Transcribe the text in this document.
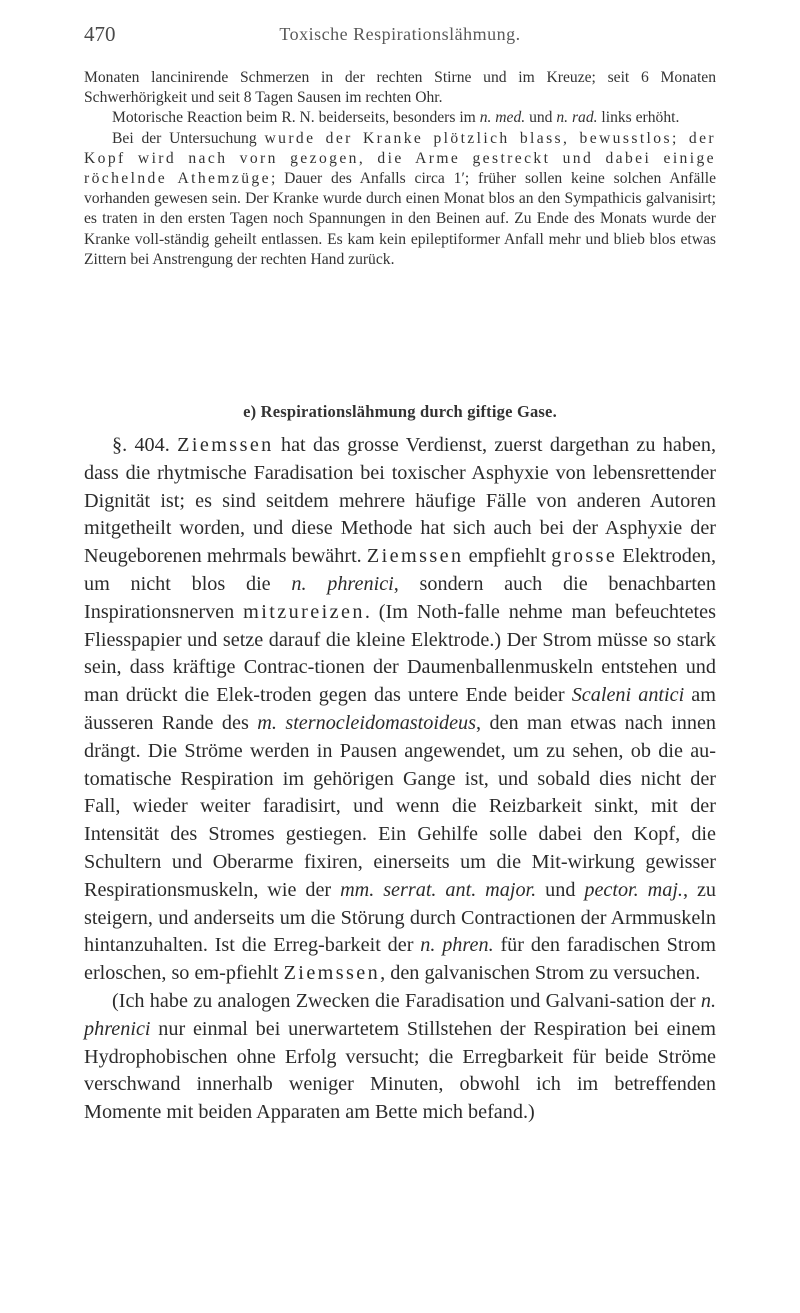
470	Toxische Respirationslähmung.
Monaten lancinirende Schmerzen in der rechten Stirne und im Kreuze; seit 6 Monaten Schwerhörigkeit und seit 8 Tagen Sausen im rechten Ohr.
Motorische Reaction beim R. N. beiderseits, besonders im n. med. und n. rad. links erhöht.
Bei der Untersuchung wurde der Kranke plötzlich blass, bewusstlos; der Kopf wird nach vorn gezogen, die Arme gestreckt und dabei einige röchelnde Athemzüge; Dauer des Anfalls circa 1′; früher sollen keine solchen Anfälle vorhanden gewesen sein. Der Kranke wurde durch einen Monat blos an den Sympathicis galvanisirt; es traten in den ersten Tagen noch Spannungen in den Beinen auf. Zu Ende des Monats wurde der Kranke voll-ständig geheilt entlassen. Es kam kein epileptiformer Anfall mehr und blieb blos etwas Zittern bei Anstrengung der rechten Hand zurück.
e) Respirationslähmung durch giftige Gase.
§. 404. Ziemssen hat das grosse Verdienst, zuerst dargethan zu haben, dass die rhytmische Faradisation bei toxischer Asphyxie von lebensrettender Dignität ist; es sind seitdem mehrere häufige Fälle von anderen Autoren mitgetheilt worden, und diese Methode hat sich auch bei der Asphyxie der Neugeborenen mehrmals bewährt. Ziemssen empfiehlt grosse Elektroden, um nicht blos die n. phrenici, sondern auch die benachbarten Inspirationsnerven mitzureizen. (Im Noth-falle nehme man befeuchtetes Fliesspapier und setze darauf die kleine Elektrode.) Der Strom müsse so stark sein, dass kräftige Contrac-tionen der Daumenballenmuskeln entstehen und man drückt die Elek-troden gegen das untere Ende beider Scaleni antici am äusseren Rande des m. sternocleidomastoideus, den man etwas nach innen drängt. Die Ströme werden in Pausen angewendet, um zu sehen, ob die au-tomatische Respiration im gehörigen Gange ist, und sobald dies nicht der Fall, wieder weiter faradisirt, und wenn die Reizbarkeit sinkt, mit der Intensität des Stromes gestiegen. Ein Gehilfe solle dabei den Kopf, die Schultern und Oberarme fixiren, einerseits um die Mit-wirkung gewisser Respirationsmuskeln, wie der mm. serrat. ant. major. und pector. maj., zu steigern, und anderseits um die Störung durch Contractionen der Armmuskeln hintanzuhalten. Ist die Erreg-barkeit der n. phren. für den faradischen Strom erloschen, so em-pfiehlt Ziemssen, den galvanischen Strom zu versuchen.
(Ich habe zu analogen Zwecken die Faradisation und Galvani-sation der n. phrenici nur einmal bei unerwartetem Stillstehen der Respiration bei einem Hydrophobischen ohne Erfolg versucht; die Erregbarkeit für beide Ströme verschwand innerhalb weniger Minuten, obwohl ich im betreffenden Momente mit beiden Apparaten am Bette mich befand.)
